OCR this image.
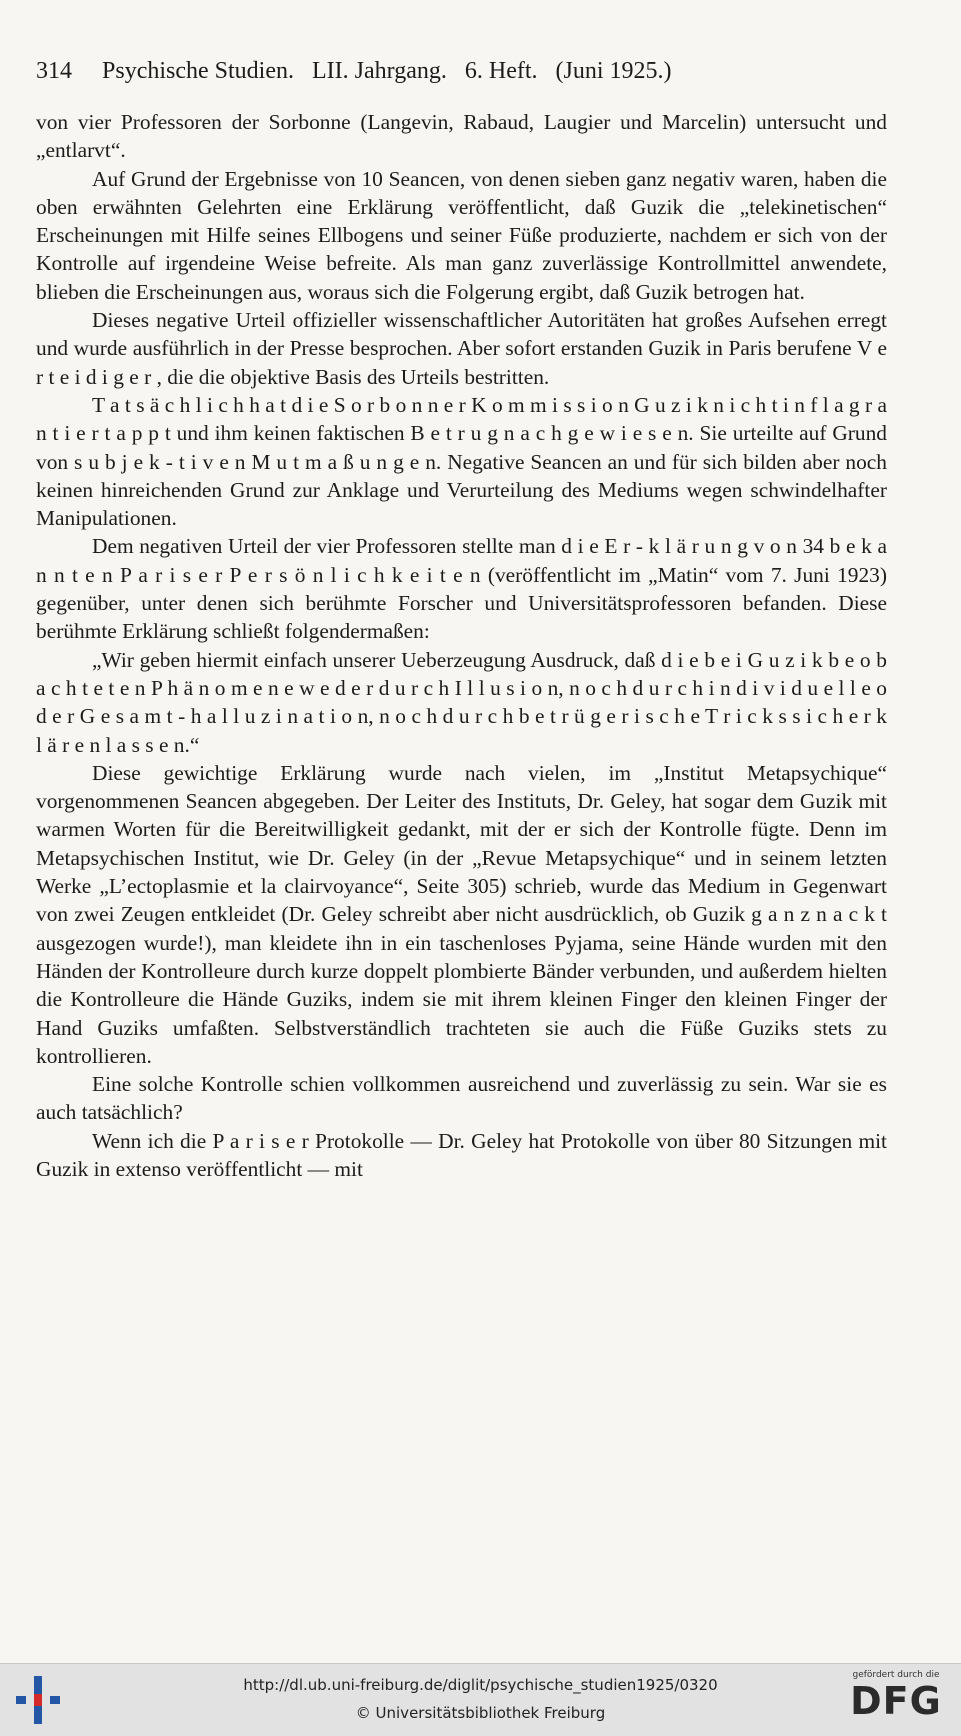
314	Psychische Studien. LII. Jahrgang. 6. Heft. (Juni 1925.)

von vier Professoren der Sorbonne (Langevin, Rabaud, Laugier und Marcelin) untersucht und „entlarvt“.

Auf Grund der Ergebnisse von 10 Seancen, von denen sieben ganz negativ waren, haben die oben erwähnten Gelehrten eine Erklärung veröffentlicht, daß Guzik die „telekinetischen“ Erscheinungen mit Hilfe seines Ellbogens und seiner Füße produzierte, nachdem er sich von der Kontrolle auf irgendeine Weise befreite. Als man ganz zuverlässige Kontrollmittel anwendete, blieben die Erscheinungen aus, woraus sich die Folgerung ergibt, daß Guzik betrogen hat.

Dieses negative Urteil offizieller wissenschaftlicher Autoritäten hat großes Aufsehen erregt und wurde ausführlich in der Presse besprochen. Aber sofort erstanden Guzik in Paris berufene V e r t e i d i g e r , die die objektive Basis des Urteils bestritten.

T a t s ä c h l i c h h a t d i e S o r b o n n e r K o m m i s s i o n G u z i k n i c h t i n f l a g r a n t i e r t a p p t und ihm keinen faktischen B e t r u g n a c h g e w i e s e n. Sie urteilte auf Grund von s u b j e k - t i v e n M u t m a ß u n g e n. Negative Seancen an und für sich bilden aber noch keinen hinreichenden Grund zur Anklage und Verurteilung des Mediums wegen schwindelhafter Manipulationen.

Dem negativen Urteil der vier Professoren stellte man d i e E r - k l ä r u n g v o n 34 b e k a n n t e n P a r i s e r P e r s ö n l i c h k e i t e n (veröffentlicht im „Matin“ vom 7. Juni 1923) gegenüber, unter denen sich berühmte Forscher und Universitätsprofessoren befanden. Diese berühmte Erklärung schließt folgendermaßen:

„Wir geben hiermit einfach unserer Ueberzeugung Ausdruck, daß d i e b e i G u z i k b e o b a c h t e t e n P h ä n o m e n e w e d e r d u r c h I l l u s i o n, n o c h d u r c h i n d i v i d u e l l e o d e r G e s a m t - h a l l u z i n a t i o n, n o c h d u r c h b e t r ü g e r i s c h e T r i c k s s i c h e r k l ä r e n l a s s e n.“

Diese gewichtige Erklärung wurde nach vielen, im „Institut Metapsychique“ vorgenommenen Seancen abgegeben. Der Leiter des Instituts, Dr. Geley, hat sogar dem Guzik mit warmen Worten für die Bereitwilligkeit gedankt, mit der er sich der Kontrolle fügte. Denn im Metapsychischen Institut, wie Dr. Geley (in der „Revue Metapsychique“ und in seinem letzten Werke „L’ectoplasmie et la clairvoyance“, Seite 305) schrieb, wurde das Medium in Gegenwart von zwei Zeugen entkleidet (Dr. Geley schreibt aber nicht ausdrücklich, ob Guzik g a n z n a c k t ausgezogen wurde!), man kleidete ihn in ein taschenloses Pyjama, seine Hände wurden mit den Händen der Kontrolleure durch kurze doppelt plombierte Bänder verbunden, und außerdem hielten die Kontrolleure die Hände Guziks, indem sie mit ihrem kleinen Finger den kleinen Finger der Hand Guziks umfaßten. Selbstverständlich trachteten sie auch die Füße Guziks stets zu kontrollieren.

Eine solche Kontrolle schien vollkommen ausreichend und zuverlässig zu sein. War sie es auch tatsächlich?

Wenn ich die P a r i s e r Protokolle — Dr. Geley hat Protokolle von über 80 Sitzungen mit Guzik in extenso veröffentlicht — mit

http://dl.ub.uni-freiburg.de/diglit/psychische_studien1925/0320
© Universitätsbibliothek Freiburg
gefördert durch die
DFG
